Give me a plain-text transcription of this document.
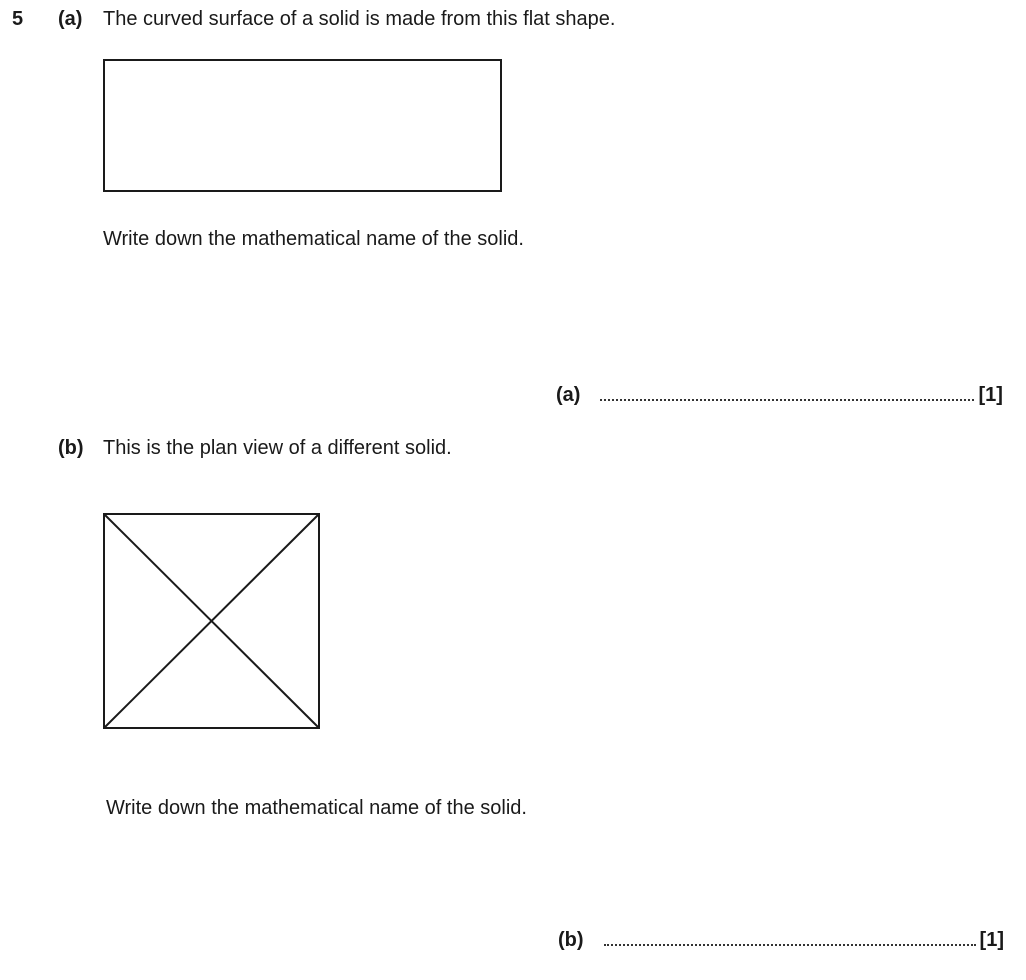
5 (a) The curved surface of a solid is made from this flat shape.
Write down the mathematical name of the solid.
(a)	[1]
(b) This is the plan view of a different solid.
Write down the mathematical name of the solid.
(b)	[1]
